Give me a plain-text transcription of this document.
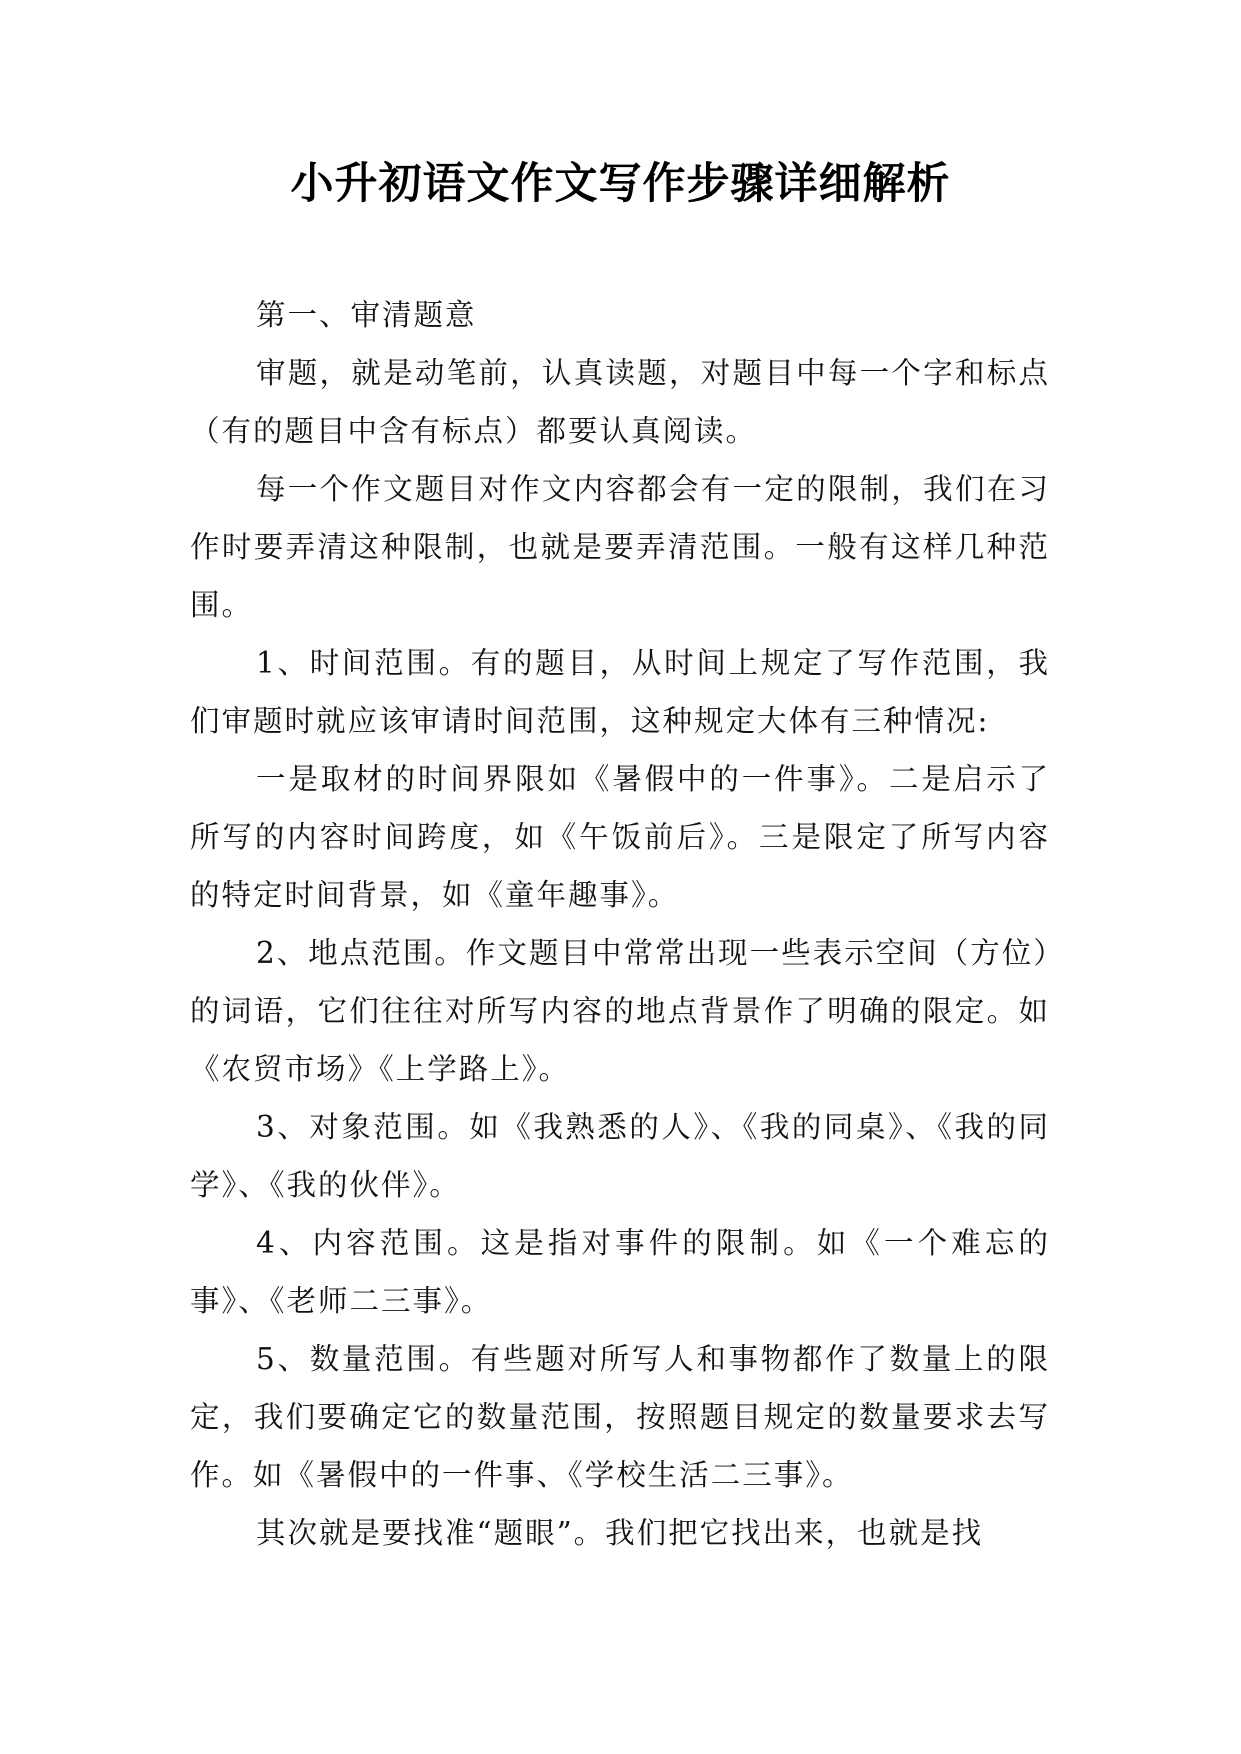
小升初语文作文写作步骤详细解析

第一、审清题意

审题，就是动笔前，认真读题，对题目中每一个字和标点（有的题目中含有标点）都要认真阅读。

每一个作文题目对作文内容都会有一定的限制，我们在习作时要弄清这种限制，也就是要弄清范围。一般有这样几种范围。

1、时间范围。有的题目，从时间上规定了写作范围，我们审题时就应该审请时间范围，这种规定大体有三种情况:

一是取材的时间界限如《暑假中的一件事》。二是启示了所写的内容时间跨度，如《午饭前后》。三是限定了所写内容的特定时间背景，如《童年趣事》。

2、地点范围。作文题目中常常出现一些表示空间（方位）的词语，它们往往对所写内容的地点背景作了明确的限定。如《农贸市场》《上学路上》。

3、对象范围。如《我熟悉的人》、《我的同桌》、《我的同学》、《我的伙伴》。

4、内容范围。这是指对事件的限制。如《一个难忘的事》、《老师二三事》。

5、数量范围。有些题对所写人和事物都作了数量上的限定，我们要确定它的数量范围，按照题目规定的数量要求去写作。如《暑假中的一件事、《学校生活二三事》。

其次就是要找准“题眼”。我们把它找出来，也就是找
